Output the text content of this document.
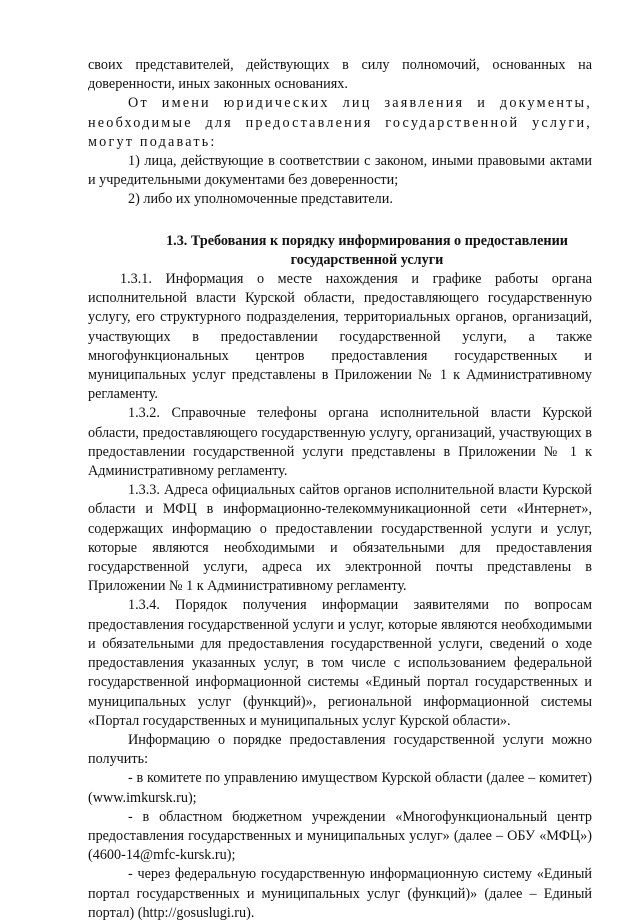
своих представителей, действующих в силу полномочий, основанных на доверенности, иных законных основаниях.

От имени юридических лиц заявления и документы, необходимые для предоставления государственной услуги, могут подавать:

1) лица, действующие в соответствии с законом, иными правовыми актами и учредительными документами без доверенности;

2) либо их уполномоченные представители.

1.3. Требования к порядку информирования о предоставлении государственной услуги

1.3.1. Информация о месте нахождения и графике работы органа исполнительной власти Курской области, предоставляющего государственную услугу, его структурного подразделения, территориальных органов, организаций, участвующих в предоставлении государственной услуги, а также многофункциональных центров предоставления государственных и муниципальных услуг представлены в Приложении № 1 к Административному регламенту.

1.3.2. Справочные телефоны органа исполнительной власти Курской области, предоставляющего государственную услугу, организаций, участвующих в предоставлении государственной услуги представлены в Приложении № 1 к Административному регламенту.

1.3.3. Адреса официальных сайтов органов исполнительной власти Курской области и МФЦ в информационно-телекоммуникационной сети «Интернет», содержащих информацию о предоставлении государственной услуги и услуг, которые являются необходимыми и обязательными для предоставления государственной услуги, адреса их электронной почты представлены в Приложении № 1 к Административному регламенту.

1.3.4. Порядок получения информации заявителями по вопросам предоставления государственной услуги и услуг, которые являются необходимыми и обязательными для предоставления государственной услуги, сведений о ходе предоставления указанных услуг, в том числе с использованием федеральной государственной информационной системы «Единый портал государственных и муниципальных услуг (функций)», региональной информационной системы «Портал государственных и муниципальных услуг Курской области».

Информацию о порядке предоставления государственной услуги можно получить:

- в комитете по управлению имуществом Курской области (далее – комитет) (www.imkursk.ru);

- в областном бюджетном учреждении «Многофункциональный центр предоставления государственных и муниципальных услуг» (далее – ОБУ «МФЦ») (4600-14@mfc-kursk.ru);

- через федеральную государственную информационную систему «Единый портал государственных и муниципальных услуг (функций)» (далее – Единый портал) (http://gosuslugi.ru).
